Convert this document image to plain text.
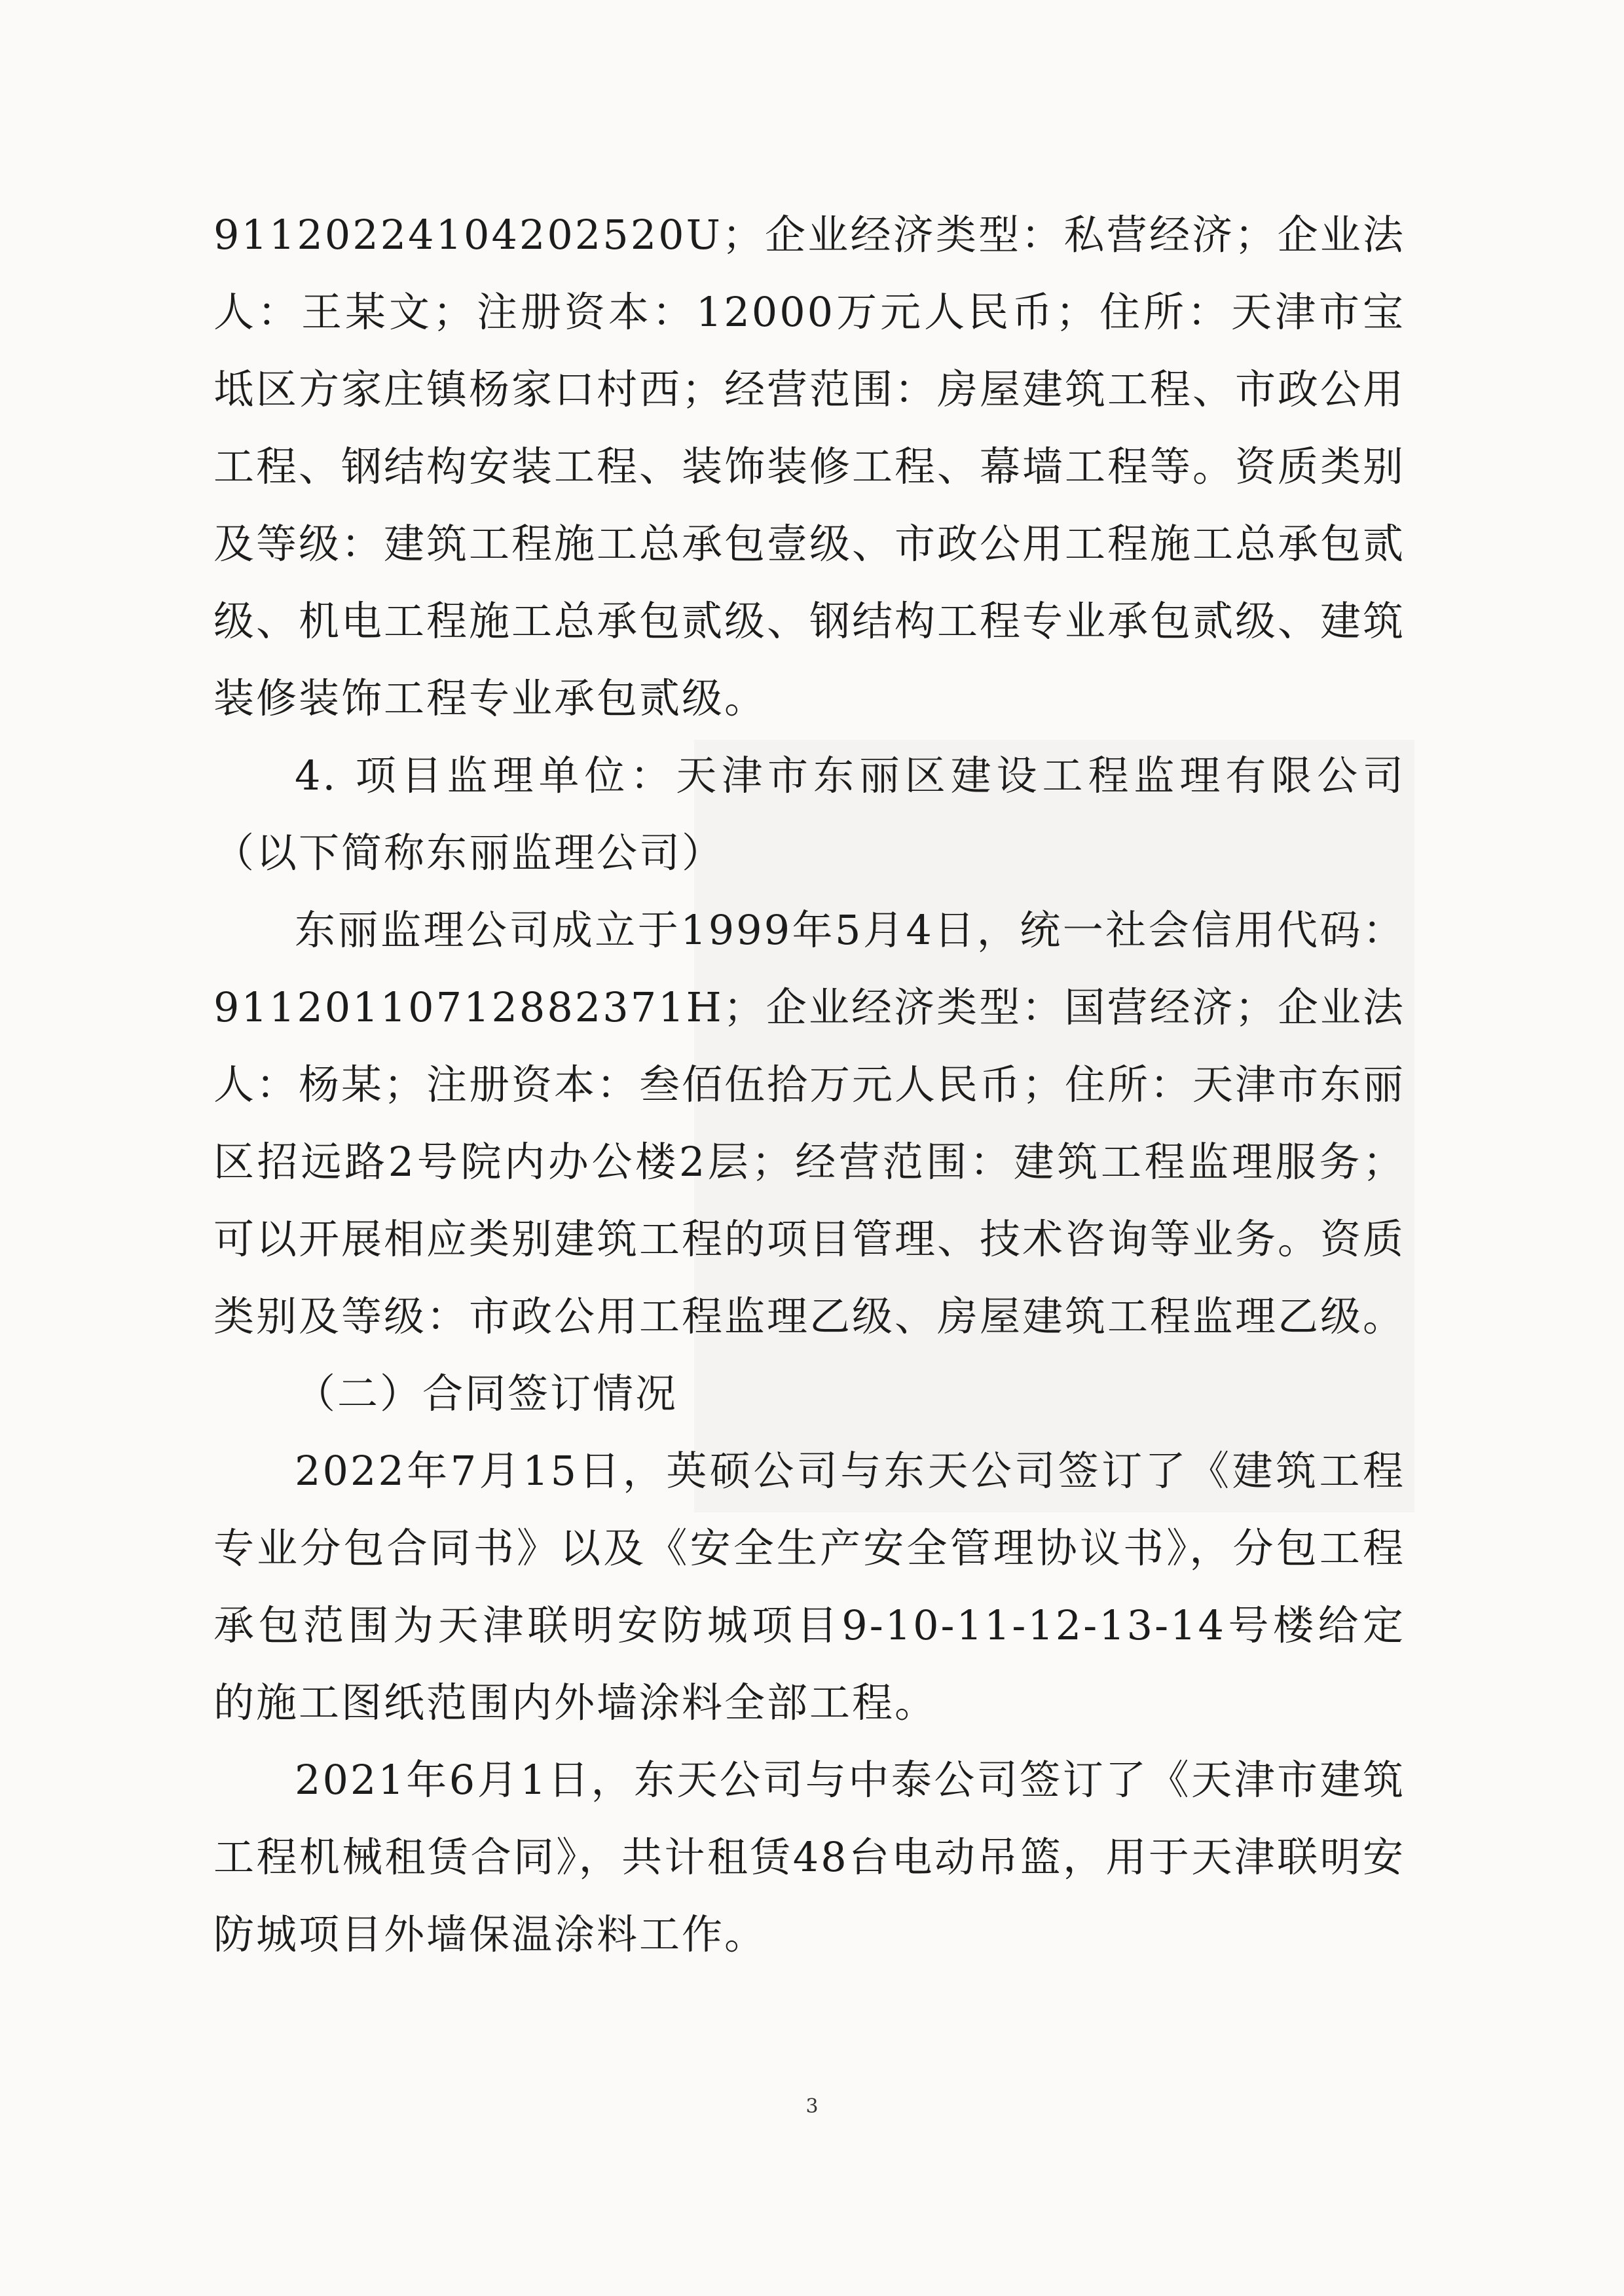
91120224104202520U；企业经济类型：私营经济；企业法人：王某文；注册资本：12000万元人民币；住所：天津市宝坻区方家庄镇杨家口村西；经营范围：房屋建筑工程、市政公用工程、钢结构安装工程、装饰装修工程、幕墙工程等。资质类别及等级：建筑工程施工总承包壹级、市政公用工程施工总承包贰级、机电工程施工总承包贰级、钢结构工程专业承包贰级、建筑装修装饰工程专业承包贰级。

4. 项目监理单位：天津市东丽区建设工程监理有限公司（以下简称东丽监理公司）

东丽监理公司成立于1999年5月4日，统一社会信用代码：91120110712882371H；企业经济类型：国营经济；企业法人：杨某；注册资本：叁佰伍拾万元人民币；住所：天津市东丽区招远路2号院内办公楼2层；经营范围：建筑工程监理服务；可以开展相应类别建筑工程的项目管理、技术咨询等业务。资质类别及等级：市政公用工程监理乙级、房屋建筑工程监理乙级。

（二）合同签订情况

2022年7月15日，英硕公司与东天公司签订了《建筑工程专业分包合同书》以及《安全生产安全管理协议书》，分包工程承包范围为天津联明安防城项目9-10-11-12-13-14号楼给定的施工图纸范围内外墙涂料全部工程。

2021年6月1日，东天公司与中泰公司签订了《天津市建筑工程机械租赁合同》，共计租赁48台电动吊篮，用于天津联明安防城项目外墙保温涂料工作。

3
